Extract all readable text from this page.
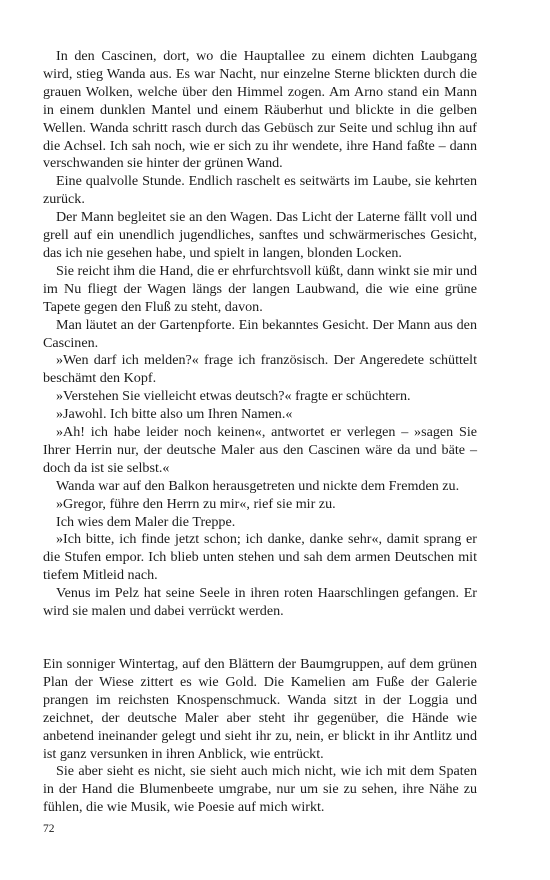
In den Cascinen, dort, wo die Hauptallee zu einem dichten Laubgang wird, stieg Wanda aus. Es war Nacht, nur einzelne Sterne blickten durch die grauen Wolken, welche über den Himmel zogen. Am Arno stand ein Mann in einem dunklen Mantel und einem Räuberhut und blickte in die gelben Wellen. Wanda schritt rasch durch das Gebüsch zur Seite und schlug ihn auf die Achsel. Ich sah noch, wie er sich zu ihr wendete, ihre Hand faßte – dann verschwanden sie hinter der grünen Wand.

Eine qualvolle Stunde. Endlich raschelt es seitwärts im Laube, sie kehrten zurück.

Der Mann begleitet sie an den Wagen. Das Licht der Laterne fällt voll und grell auf ein unendlich jugendliches, sanftes und schwärmerisches Gesicht, das ich nie gesehen habe, und spielt in langen, blonden Locken.

Sie reicht ihm die Hand, die er ehrfurchtsvoll küßt, dann winkt sie mir und im Nu fliegt der Wagen längs der langen Laubwand, die wie eine grüne Tapete gegen den Fluß zu steht, davon.

Man läutet an der Gartenpforte. Ein bekanntes Gesicht. Der Mann aus den Cascinen.

»Wen darf ich melden?« frage ich französisch. Der Angeredete schüttelt beschämt den Kopf.

»Verstehen Sie vielleicht etwas deutsch?« fragte er schüchtern.

»Jawohl. Ich bitte also um Ihren Namen.«

»Ah! ich habe leider noch keinen«, antwortet er verlegen – »sagen Sie Ihrer Herrin nur, der deutsche Maler aus den Cascinen wäre da und bäte – doch da ist sie selbst.«

Wanda war auf den Balkon herausgetreten und nickte dem Fremden zu.

»Gregor, führe den Herrn zu mir«, rief sie mir zu.

Ich wies dem Maler die Treppe.

»Ich bitte, ich finde jetzt schon; ich danke, danke sehr«, damit sprang er die Stufen empor. Ich blieb unten stehen und sah dem armen Deutschen mit tiefem Mitleid nach.

Venus im Pelz hat seine Seele in ihren roten Haarschlingen gefangen. Er wird sie malen und dabei verrückt werden.

Ein sonniger Wintertag, auf den Blättern der Baumgruppen, auf dem grünen Plan der Wiese zittert es wie Gold. Die Kamelien am Fuße der Galerie prangen im reichsten Knospenschmuck. Wanda sitzt in der Loggia und zeichnet, der deutsche Maler aber steht ihr gegenüber, die Hände wie anbetend ineinander gelegt und sieht ihr zu, nein, er blickt in ihr Antlitz und ist ganz versunken in ihren Anblick, wie entrückt.

Sie aber sieht es nicht, sie sieht auch mich nicht, wie ich mit dem Spaten in der Hand die Blumenbeete umgrabe, nur um sie zu sehen, ihre Nähe zu fühlen, die wie Musik, wie Poesie auf mich wirkt.

72
